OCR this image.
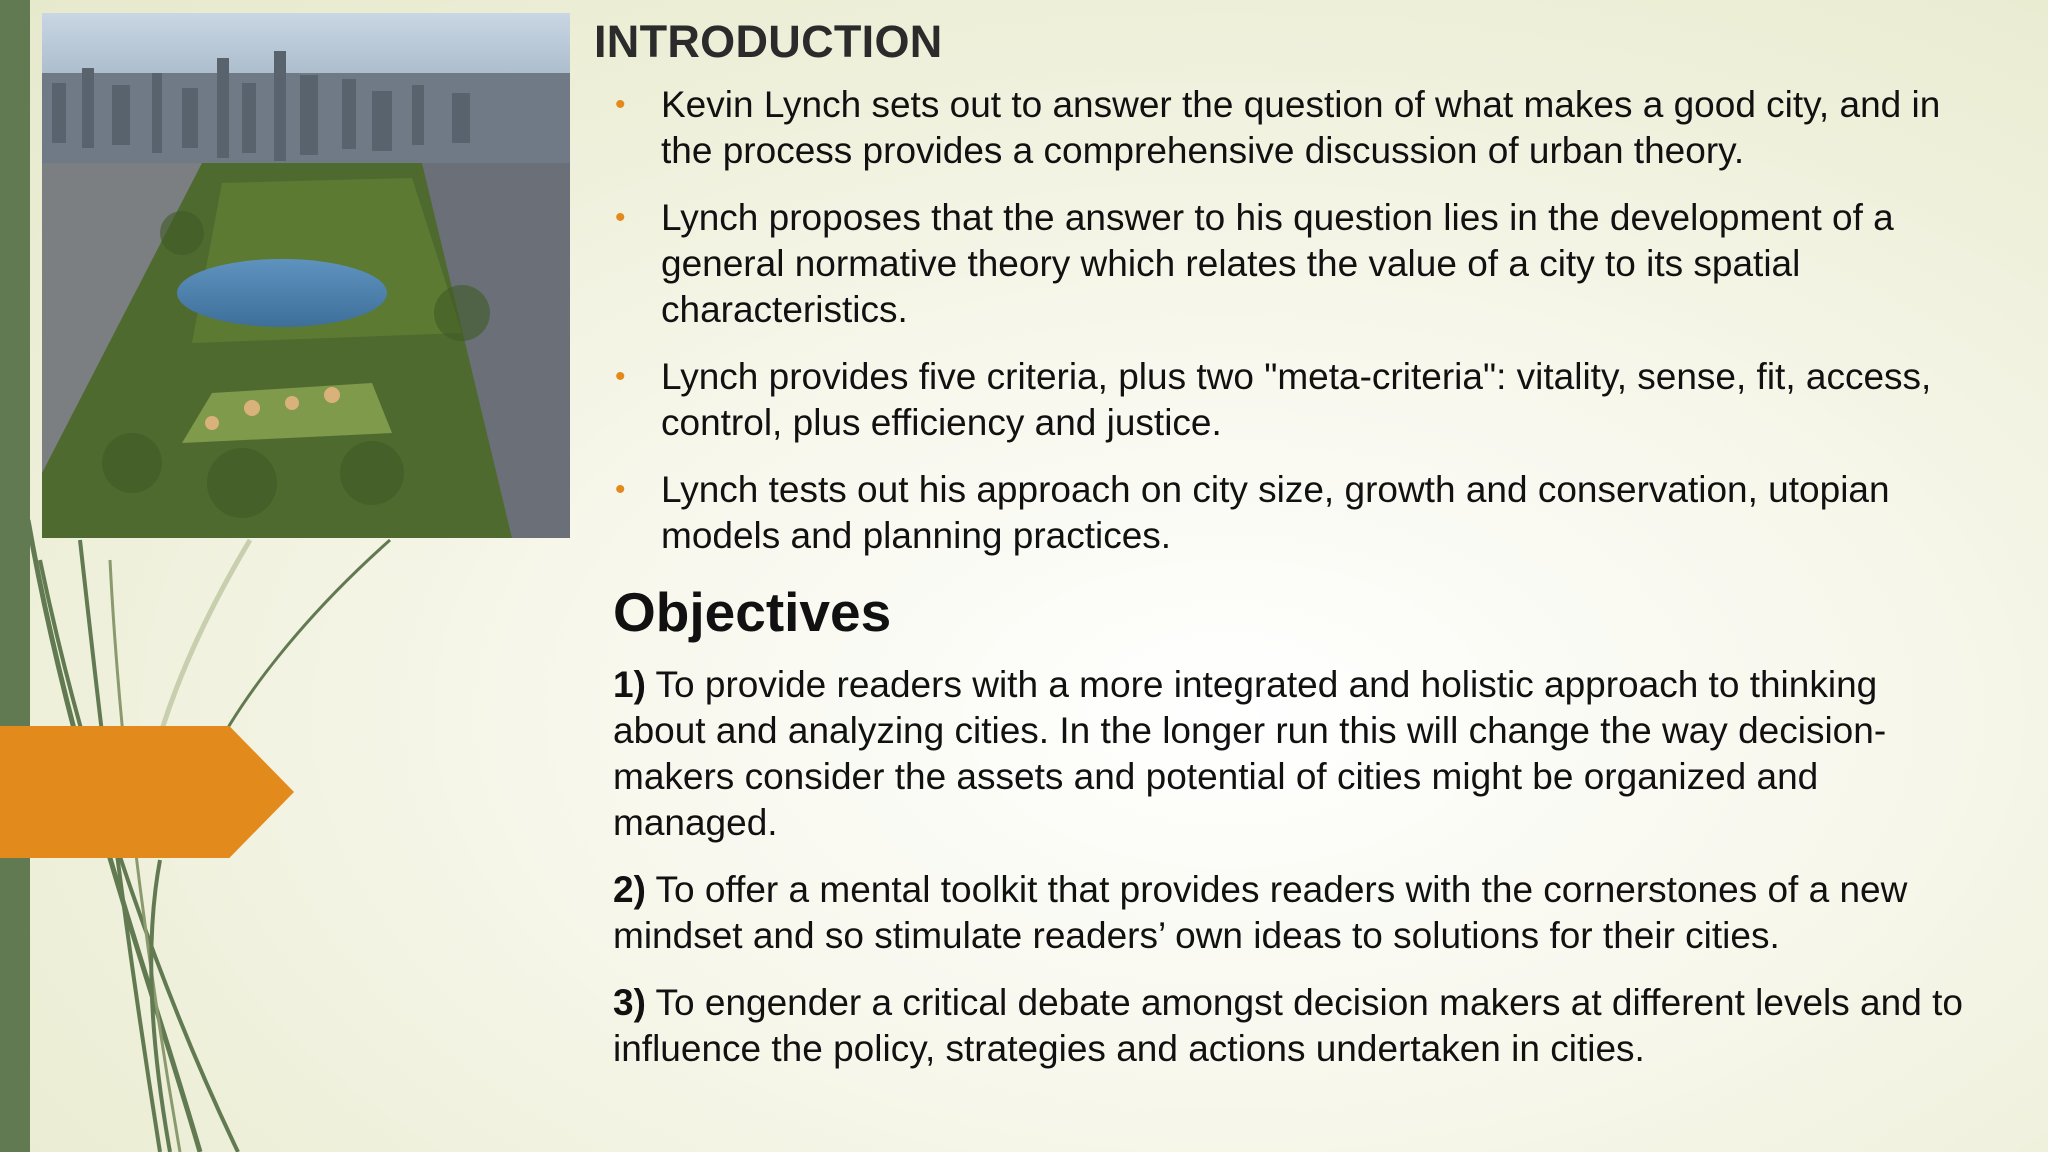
INTRODUCTION
• Kevin Lynch sets out to answer the question of what makes a good city, and in the process provides a comprehensive discussion of urban theory.
• Lynch proposes that the answer to his question lies in the development of a general normative theory which relates the value of a city to its spatial characteristics.
• Lynch provides five criteria, plus two "meta-criteria": vitality, sense, fit, access, control, plus efficiency and justice.
• Lynch tests out his approach on city size, growth and conservation, utopian models and planning practices.
Objectives
1) To provide readers with a more integrated and holistic approach to thinking about and analyzing cities. In the longer run this will change the way decision- makers consider the assets and potential of cities might be organized and managed.
2) To offer a mental toolkit that provides readers with the cornerstones of a new mindset and so stimulate readers’ own ideas to solutions for their cities.
3) To engender a critical debate amongst decision makers at different levels and to influence the policy, strategies and actions undertaken in cities.
